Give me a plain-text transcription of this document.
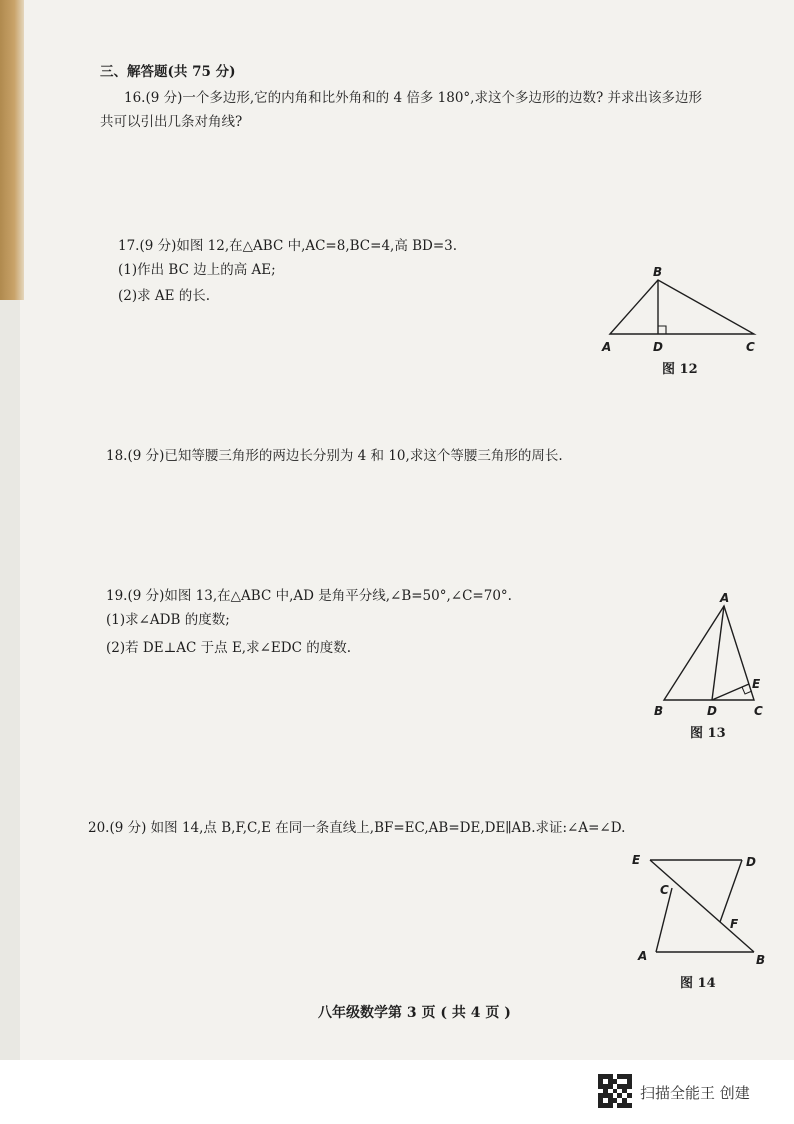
三、解答题(共 75 分)
16.(9 分)一个多边形,它的内角和比外角和的 4 倍多 180°,求这个多边形的边数? 并求出该多边形
共可以引出几条对角线?
17.(9 分)如图 12,在△ABC 中,AC=8,BC=4,高 BD=3.
(1)作出 BC 边上的高 AE;
(2)求 AE 的长.
B
A	D	C
图 12
18.(9 分)已知等腰三角形的两边长分别为 4 和 10,求这个等腰三角形的周长.
19.(9 分)如图 13,在△ABC 中,AD 是角平分线,∠B=50°,∠C=70°.
(1)求∠ADB 的度数;
(2)若 DE⊥AC 于点 E,求∠EDC 的度数.
A
B	D	C
E
图 13
20.(9 分) 如图 14,点 B,F,C,E 在同一条直线上,BF=EC,AB=DE,DE∥AB.求证:∠A=∠D.
E	D
C
F
A	B
图 14
八年级数学第 3 页 ( 共 4 页 )
扫描全能王 创建
